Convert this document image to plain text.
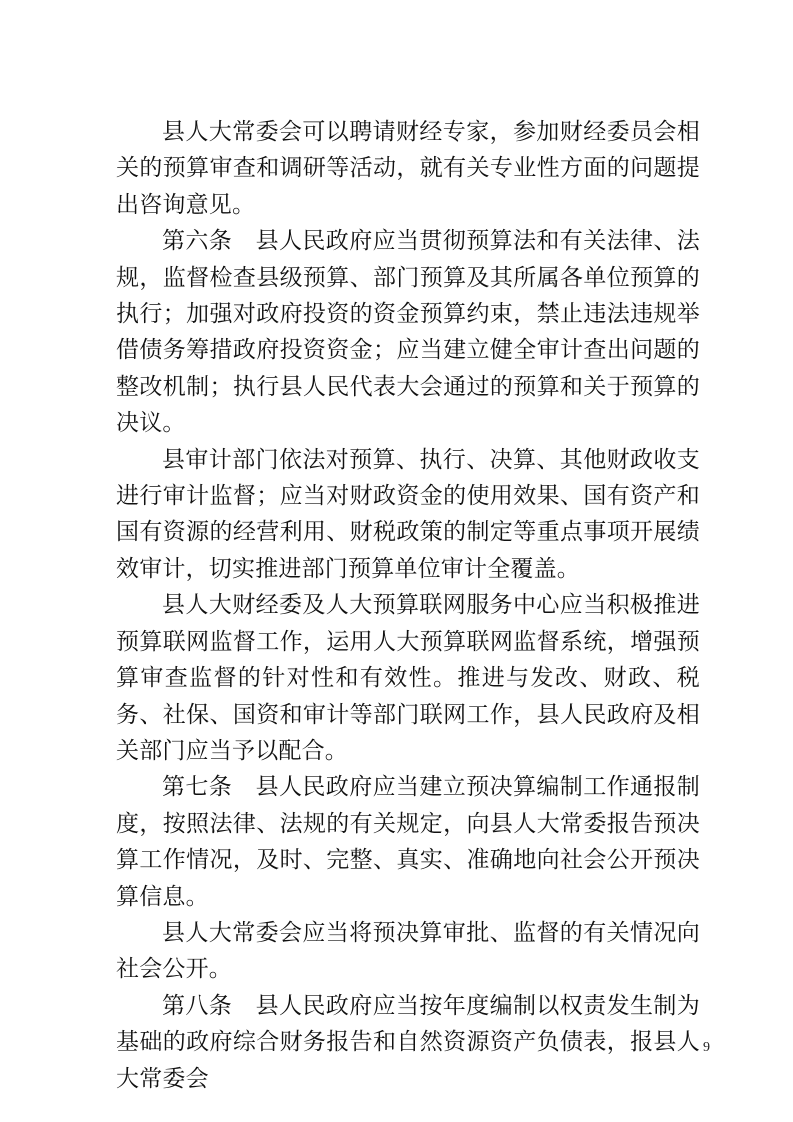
县人大常委会可以聘请财经专家，参加财经委员会相关的预算审查和调研等活动，就有关专业性方面的问题提出咨询意见。

第六条　县人民政府应当贯彻预算法和有关法律、法规，监督检查县级预算、部门预算及其所属各单位预算的执行；加强对政府投资的资金预算约束，禁止违法违规举借债务筹措政府投资资金；应当建立健全审计查出问题的整改机制；执行县人民代表大会通过的预算和关于预算的决议。

县审计部门依法对预算、执行、决算、其他财政收支进行审计监督；应当对财政资金的使用效果、国有资产和国有资源的经营利用、财税政策的制定等重点事项开展绩效审计，切实推进部门预算单位审计全覆盖。

县人大财经委及人大预算联网服务中心应当积极推进预算联网监督工作，运用人大预算联网监督系统，增强预算审查监督的针对性和有效性。推进与发改、财政、税务、社保、国资和审计等部门联网工作，县人民政府及相关部门应当予以配合。

第七条　县人民政府应当建立预决算编制工作通报制度，按照法律、法规的有关规定，向县人大常委报告预决算工作情况，及时、完整、真实、准确地向社会公开预决算信息。

县人大常委会应当将预决算审批、监督的有关情况向社会公开。

第八条　县人民政府应当按年度编制以权责发生制为基础的政府综合财务报告和自然资源资产负债表，报县人大常委会

9
